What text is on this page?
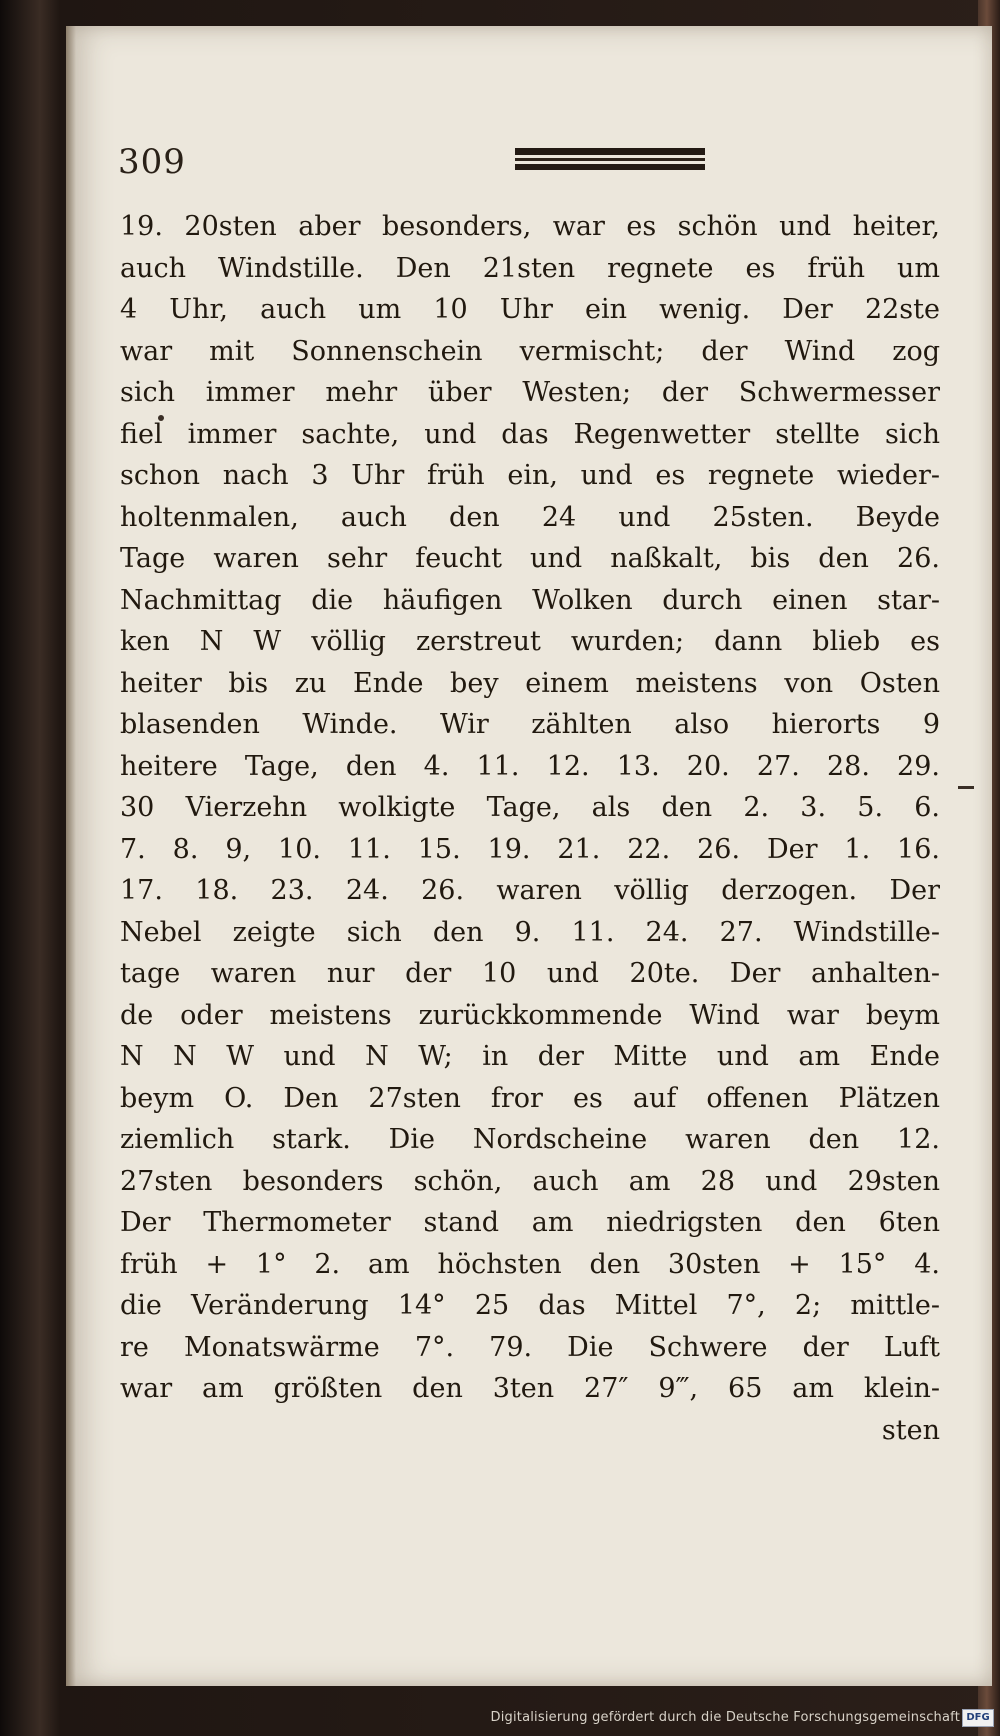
309
19. 20sten aber besonders, war es schön und heiter,
auch Windstille. Den 21sten regnete es früh um
4 Uhr, auch um 10 Uhr ein wenig. Der 22ste
war mit Sonnenschein vermischt; der Wind zog
sich immer mehr über Westen; der Schwermesser
fiel immer sachte, und das Regenwetter stellte sich
schon nach 3 Uhr früh ein, und es regnete wieder-
holtenmalen, auch den 24 und 25sten. Beyde
Tage waren sehr feucht und naßkalt, bis den 26.
Nachmittag die häufigen Wolken durch einen star-
ken N W völlig zerstreut wurden; dann blieb es
heiter bis zu Ende bey einem meistens von Osten
blasenden Winde. Wir zählten also hierorts 9
heitere Tage, den 4. 11. 12. 13. 20. 27. 28. 29.
30 Vierzehn wolkigte Tage, als den 2. 3. 5. 6.
7. 8. 9, 10. 11. 15. 19. 21. 22. 26. Der 1. 16.
17. 18. 23. 24. 26. waren völlig derzogen. Der
Nebel zeigte sich den 9. 11. 24. 27. Windstille-
tage waren nur der 10 und 20te. Der anhalten-
de oder meistens zurückkommende Wind war beym
N N W und N W; in der Mitte und am Ende
beym O. Den 27sten fror es auf offenen Plätzen
ziemlich stark. Die Nordscheine waren den 12.
27sten besonders schön, auch am 28 und 29sten
Der Thermometer stand am niedrigsten den 6ten
früh + 1° 2. am höchsten den 30sten + 15° 4.
die Veränderung 14° 25 das Mittel 7°, 2; mittle-
re Monatswärme 7°. 79. Die Schwere der Luft
war am größten den 3ten 27″ 9‴, 65 am klein-
sten
Digitalisierung gefördert durch die Deutsche Forschungsgemeinschaft DFG
